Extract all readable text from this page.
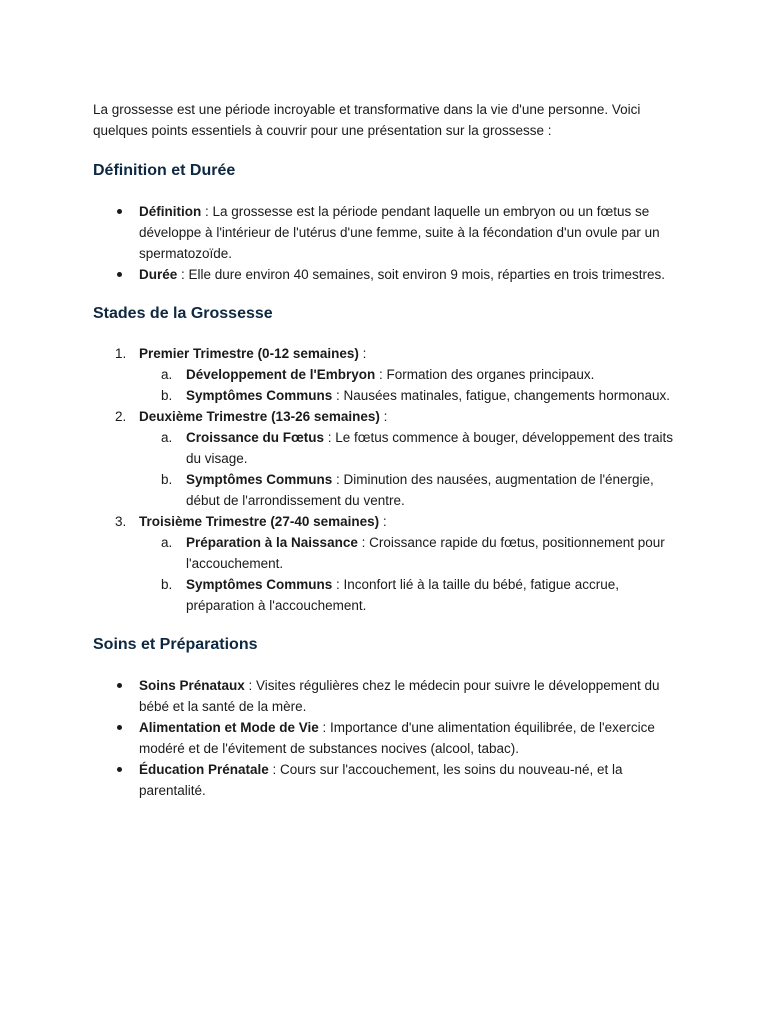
La grossesse est une période incroyable et transformative dans la vie d'une personne. Voici quelques points essentiels à couvrir pour une présentation sur la grossesse :

Définition et Durée
Définition : La grossesse est la période pendant laquelle un embryon ou un fœtus se développe à l'intérieur de l'utérus d'une femme, suite à la fécondation d'un ovule par un spermatozoïde.
Durée : Elle dure environ 40 semaines, soit environ 9 mois, réparties en trois trimestres.
Stades de la Grossesse
1. Premier Trimestre (0-12 semaines) :
a. Développement de l'Embryon : Formation des organes principaux.
b. Symptômes Communs : Nausées matinales, fatigue, changements hormonaux.
2. Deuxième Trimestre (13-26 semaines) :
a. Croissance du Fœtus : Le fœtus commence à bouger, développement des traits du visage.
b. Symptômes Communs : Diminution des nausées, augmentation de l'énergie, début de l'arrondissement du ventre.
3. Troisième Trimestre (27-40 semaines) :
a. Préparation à la Naissance : Croissance rapide du fœtus, positionnement pour l'accouchement.
b. Symptômes Communs : Inconfort lié à la taille du bébé, fatigue accrue, préparation à l'accouchement.
Soins et Préparations
Soins Prénataux : Visites régulières chez le médecin pour suivre le développement du bébé et la santé de la mère.
Alimentation et Mode de Vie : Importance d'une alimentation équilibrée, de l'exercice modéré et de l'évitement de substances nocives (alcool, tabac).
Éducation Prénatale : Cours sur l'accouchement, les soins du nouveau-né, et la parentalité.
